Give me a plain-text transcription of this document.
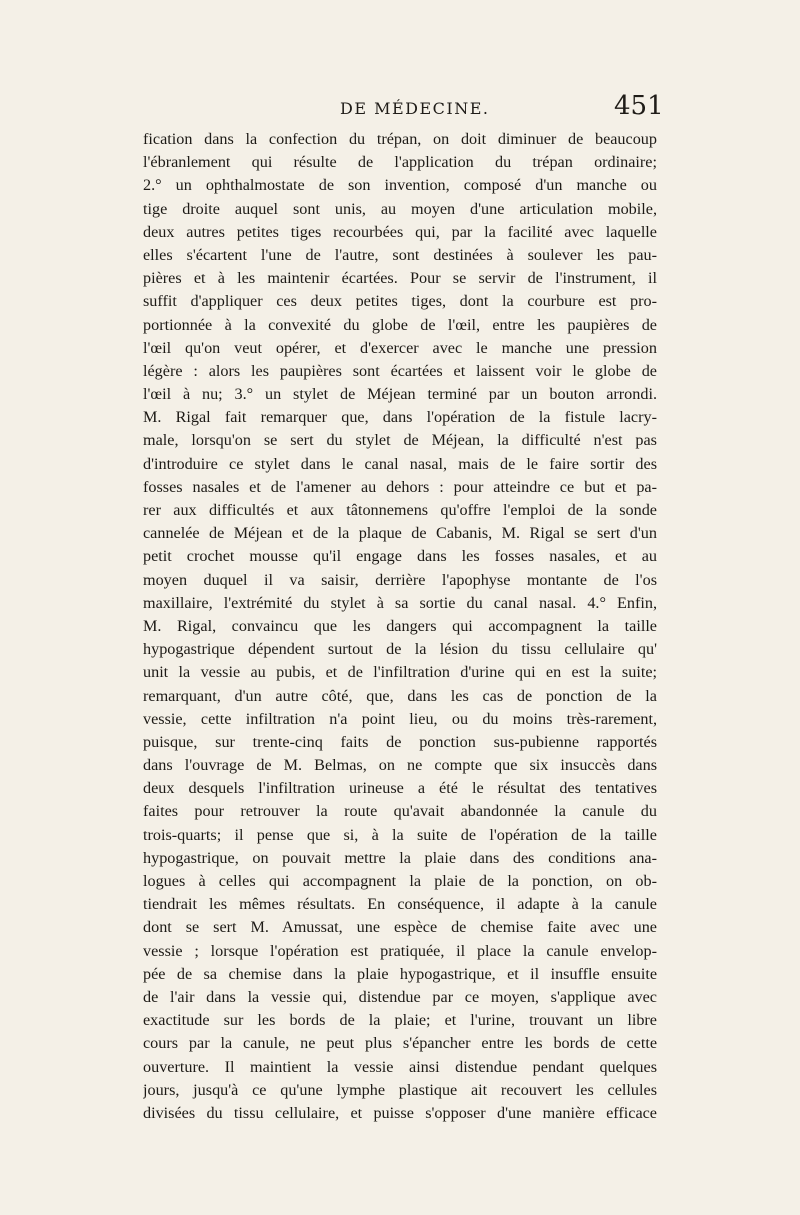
DE MÉDECINE.	451
fication dans la confection du trépan, on doit diminuer de beaucoup
l'ébranlement qui résulte de l'application du trépan ordinaire;
2.° un ophthalmostate de son invention, composé d'un manche ou
tige droite auquel sont unis, au moyen d'une articulation mobile,
deux autres petites tiges recourbées qui, par la facilité avec laquelle
elles s'écartent l'une de l'autre, sont destinées à soulever les pau-
pières et à les maintenir écartées. Pour se servir de l'instrument, il
suffit d'appliquer ces deux petites tiges, dont la courbure est pro-
portionnée à la convexité du globe de l'œil, entre les paupières de
l'œil qu'on veut opérer, et d'exercer avec le manche une pression
légère : alors les paupières sont écartées et laissent voir le globe de
l'œil à nu; 3.° un stylet de Méjean terminé par un bouton arrondi.
M. Rigal fait remarquer que, dans l'opération de la fistule lacry-
male, lorsqu'on se sert du stylet de Méjean, la difficulté n'est pas
d'introduire ce stylet dans le canal nasal, mais de le faire sortir des
fosses nasales et de l'amener au dehors : pour atteindre ce but et pa-
rer aux difficultés et aux tâtonnemens qu'offre l'emploi de la sonde
cannelée de Méjean et de la plaque de Cabanis, M. Rigal se sert d'un
petit crochet mousse qu'il engage dans les fosses nasales, et au
moyen duquel il va saisir, derrière l'apophyse montante de l'os
maxillaire, l'extrémité du stylet à sa sortie du canal nasal. 4.° Enfin,
M. Rigal, convaincu que les dangers qui accompagnent la taille
hypogastrique dépendent surtout de la lésion du tissu cellulaire qu'
unit la vessie au pubis, et de l'infiltration d'urine qui en est la suite;
remarquant, d'un autre côté, que, dans les cas de ponction de la
vessie, cette infiltration n'a point lieu, ou du moins très-rarement,
puisque, sur trente-cinq faits de ponction sus-pubienne rapportés
dans l'ouvrage de M. Belmas, on ne compte que six insuccès dans
deux desquels l'infiltration urineuse a été le résultat des tentatives
faites pour retrouver la route qu'avait abandonnée la canule du
trois-quarts; il pense que si, à la suite de l'opération de la taille
hypogastrique, on pouvait mettre la plaie dans des conditions ana-
logues à celles qui accompagnent la plaie de la ponction, on ob-
tiendrait les mêmes résultats. En conséquence, il adapte à la canule
dont se sert M. Amussat, une espèce de chemise faite avec une
vessie ; lorsque l'opération est pratiquée, il place la canule envelop-
pée de sa chemise dans la plaie hypogastrique, et il insuffle ensuite
de l'air dans la vessie qui, distendue par ce moyen, s'applique avec
exactitude sur les bords de la plaie; et l'urine, trouvant un libre
cours par la canule, ne peut plus s'épancher entre les bords de cette
ouverture. Il maintient la vessie ainsi distendue pendant quelques
jours, jusqu'à ce qu'une lymphe plastique ait recouvert les cellules
divisées du tissu cellulaire, et puisse s'opposer d'une manière efficace
